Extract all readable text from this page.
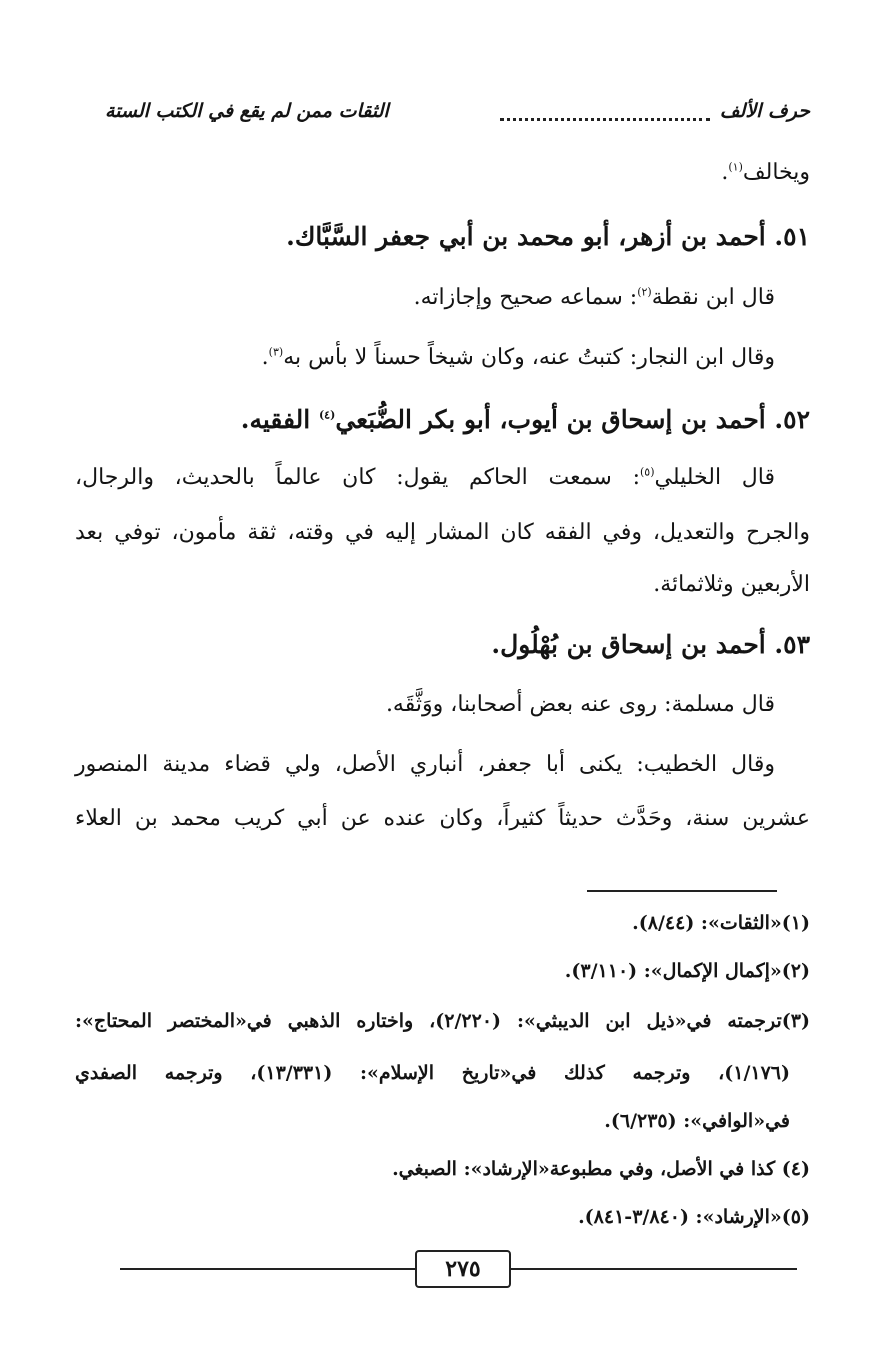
حرف الألف
الثقات ممن لم يقع في الكتب الستة
ويخالف$^{(١)}$.
٥١. أحمد بن أزهر، أبو محمد بن أبي جعفر السَّبَّاك.
قال ابن نقطة$^{(٢)}$: سماعه صحيح وإجازاته.
وقال ابن النجار: كتبتُ عنه، وكان شيخاً حسناً لا بأس به$^{(٣)}$.
٥٢. أحمد بن إسحاق بن أيوب، أبو بكر الضُّبَعي$^{(٤)}$ الفقيه.
قال الخليلي$^{(٥)}$: سمعت الحاكم يقول: كان عالماً بالحديث، والرجال،
والجرح والتعديل، وفي الفقه كان المشار إليه في وقته، ثقة مأمون، توفي بعد
الأربعين وثلاثمائة.
٥٣. أحمد بن إسحاق بن بُهْلُول.
قال مسلمة: روى عنه بعض أصحابنا، ووَثَّقَه.
وقال الخطيب: يكنى أبا جعفر، أنباري الأصل، ولي قضاء مدينة المنصور
عشرين سنة، وحَدَّث حديثاً كثيراً، وكان عنده عن أبي كريب محمد بن العلاء
(١)«الثقات»: (٨/٤٤).
(٢)«إكمال الإكمال»: (٣/١١٠).
(٣)ترجمته في«ذيل ابن الديبثي»: (٢/٢٢٠)، واختاره الذهبي في«المختصر المحتاج»:
(١/١٧٦)، وترجمه كذلك في«تاريخ الإسلام»: (١٣/٣٣١)، وترجمه الصفدي
في«الوافي»: (٦/٢٣٥).
(٤) كذا في الأصل، وفي مطبوعة«الإرشاد»: الصبغي.
(٥)«الإرشاد»: (٣/٨٤٠-٨٤١).
٢٧٥
